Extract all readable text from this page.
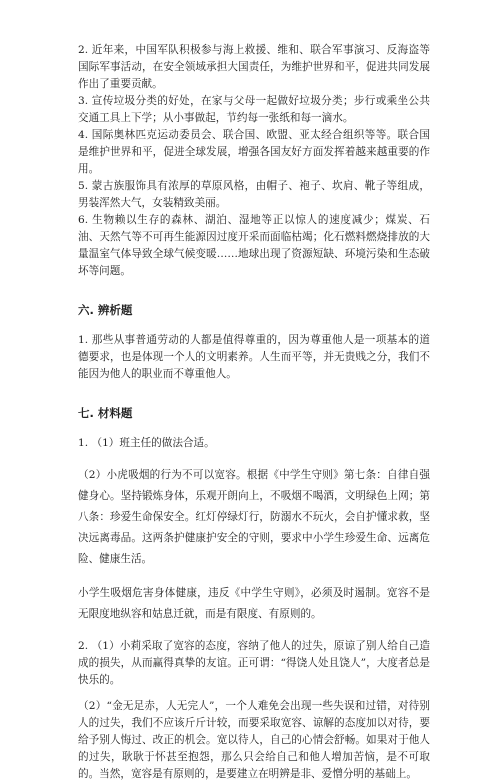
2. 近年来，中国军队积极参与海上救援、维和、联合军事演习、反海盗等国际军事活动，在安全领域承担大国责任，为维护世界和平，促进共同发展作出了重要贡献。

3. 宣传垃圾分类的好处，在家与父母一起做好垃圾分类；步行或乘坐公共交通工具上下学；从小事做起，节约每一张纸和每一滴水。

4. 国际奥林匹克运动委员会、联合国、欧盟、亚太经合组织等等。联合国是维护世界和平，促进全球发展，增强各国友好方面发挥着越来越重要的作用。

5. 蒙古族服饰具有浓厚的草原风格，由帽子、袍子、坎肩、靴子等组成，男装浑然大气，女装精致美丽。

6. 生物赖以生存的森林、湖泊、湿地等正以惊人的速度减少；煤炭、石油、天然气等不可再生能源因过度开采而面临枯竭；化石燃料燃烧排放的大量温室气体导致全球气候变暖……地球出现了资源短缺、环境污染和生态破坏等问题。

六. 辨析题

1. 那些从事普通劳动的人都是值得尊重的，因为尊重他人是一项基本的道德要求，也是体现一个人的文明素养。人生而平等，并无贵贱之分，我们不能因为他人的职业而不尊重他人。

七. 材料题

1. （1）班主任的做法合适。

（2）小虎吸烟的行为不可以宽容。根据《中学生守则》第七条：自律自强健身心。坚持锻炼身体，乐观开朗向上，不吸烟不喝酒，文明绿色上网；第八条：珍爱生命保安全。红灯停绿灯行，防溺水不玩火，会自护懂求救，坚决远离毒品。这两条护健康护安全的守则，要求中小学生珍爱生命、远离危险、健康生活。

小学生吸烟危害身体健康，违反《中学生守则》，必须及时遏制。宽容不是无限度地纵容和姑息迁就，而是有限度、有原则的。

2. （1）小莉采取了宽容的态度，容纳了他人的过失，原谅了别人给自己造成的损失，从而赢得真挚的友谊。正可谓：“得饶人处且饶人”，大度者总是快乐的。

（2）“金无足赤，人无完人”，一个人难免会出现一些失误和过错，对待别人的过失，我们不应该斤斤计较，而要采取宽容、谅解的态度加以对待，要给予别人悔过、改正的机会。宽以待人，自己的心情会舒畅。如果对于他人的过失，耿耿于怀甚至抱怨，那么只会给自己和他人增加苦恼，是不可取的。当然，宽容是有原则的，是要建立在明辨是非、爱憎分明的基础上。
